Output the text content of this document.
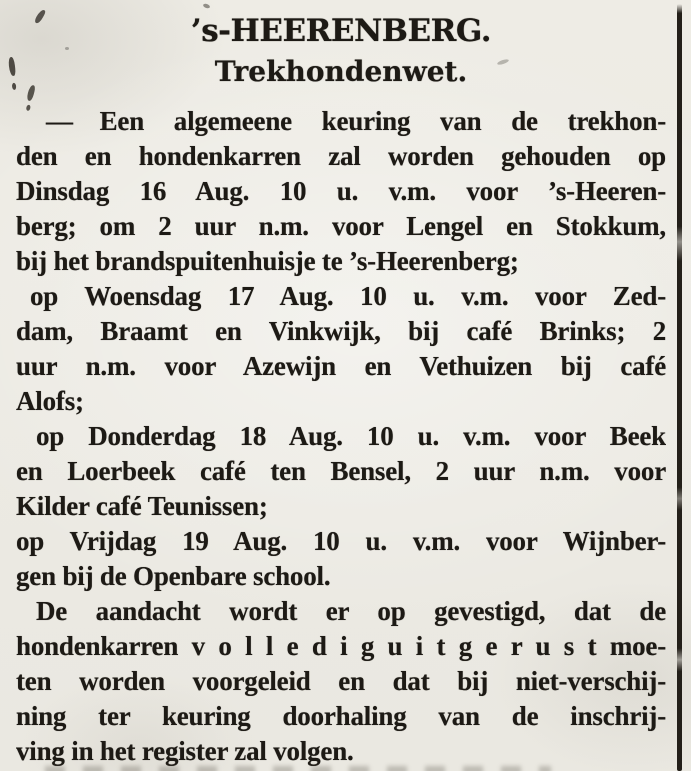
’s-HEERENBERG.
Trekhondenwet.
— Een algemeene keuring van de trekhon-
den en hondenkarren zal worden gehouden op
Dinsdag 16 Aug. 10 u. v.m. voor ’s-Heeren-
berg; om 2 uur n.m. voor Lengel en Stokkum,
bij het brandspuitenhuisje te ’s-Heerenberg;
op Woensdag 17 Aug. 10 u. v.m. voor Zed-
dam, Braamt en Vinkwijk, bij café Brinks; 2
uur n.m. voor Azewijn en Vethuizen bij café
Alofs;
op Donderdag 18 Aug. 10 u. v.m. voor Beek
en Loerbeek café ten Bensel, 2 uur n.m. voor
Kilder café Teunissen;
op Vrijdag 19 Aug. 10 u. v.m. voor Wijnber-
gen bij de Openbare school.
De aandacht wordt er op gevestigd, dat de
hondenkarren v o l l e d i g u i t g e r u s t moe-
ten worden voorgeleid en dat bij niet-verschij-
ning ter keuring doorhaling van de inschrij-
ving in het register zal volgen.
